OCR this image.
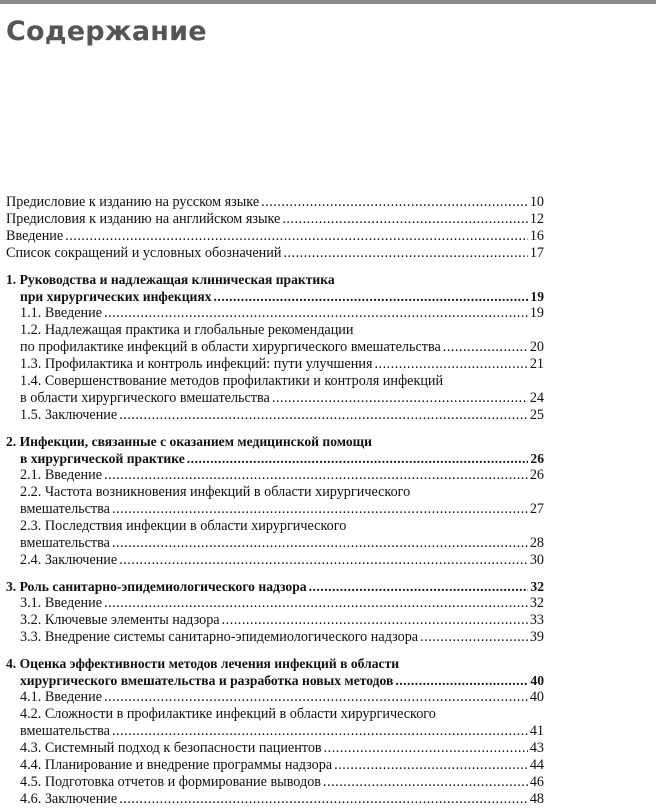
Содержание
Предисловие к изданию на русском языке .....	10
Предисловия к изданию на английском языке .....	12
Введение .....	16
Список сокращений и условных обозначений .....	17
1. Руководства и надлежащая клиническая практика
при хирургических инфекциях .....	19
1.1. Введение .....	19
1.2. Надлежащая практика и глобальные рекомендации
по профилактике инфекций в области хирургического вмешательства .....	20
1.3. Профилактика и контроль инфекций: пути улучшения .....	21
1.4. Совершенствование методов профилактики и контроля инфекций
в области хирургического вмешательства .....	24
1.5. Заключение .....	25
2. Инфекции, связанные с оказанием медицинской помощи
в хирургической практике .....	26
2.1. Введение .....	26
2.2. Частота возникновения инфекций в области хирургического
вмешательства .....	27
2.3. Последствия инфекции в области хирургического
вмешательства .....	28
2.4. Заключение .....	30
3. Роль санитарно-эпидемиологического надзора .....	32
3.1. Введение .....	32
3.2. Ключевые элементы надзора .....	33
3.3. Внедрение системы санитарно-эпидемиологического надзора .....	39
4. Оценка эффективности методов лечения инфекций в области
хирургического вмешательства и разработка новых методов .....	40
4.1. Введение .....	40
4.2. Сложности в профилактике инфекций в области хирургического
вмешательства .....	41
4.3. Системный подход к безопасности пациентов .....	43
4.4. Планирование и внедрение программы надзора .....	44
4.5. Подготовка отчетов и формирование выводов .....	46
4.6. Заключение .....	48
